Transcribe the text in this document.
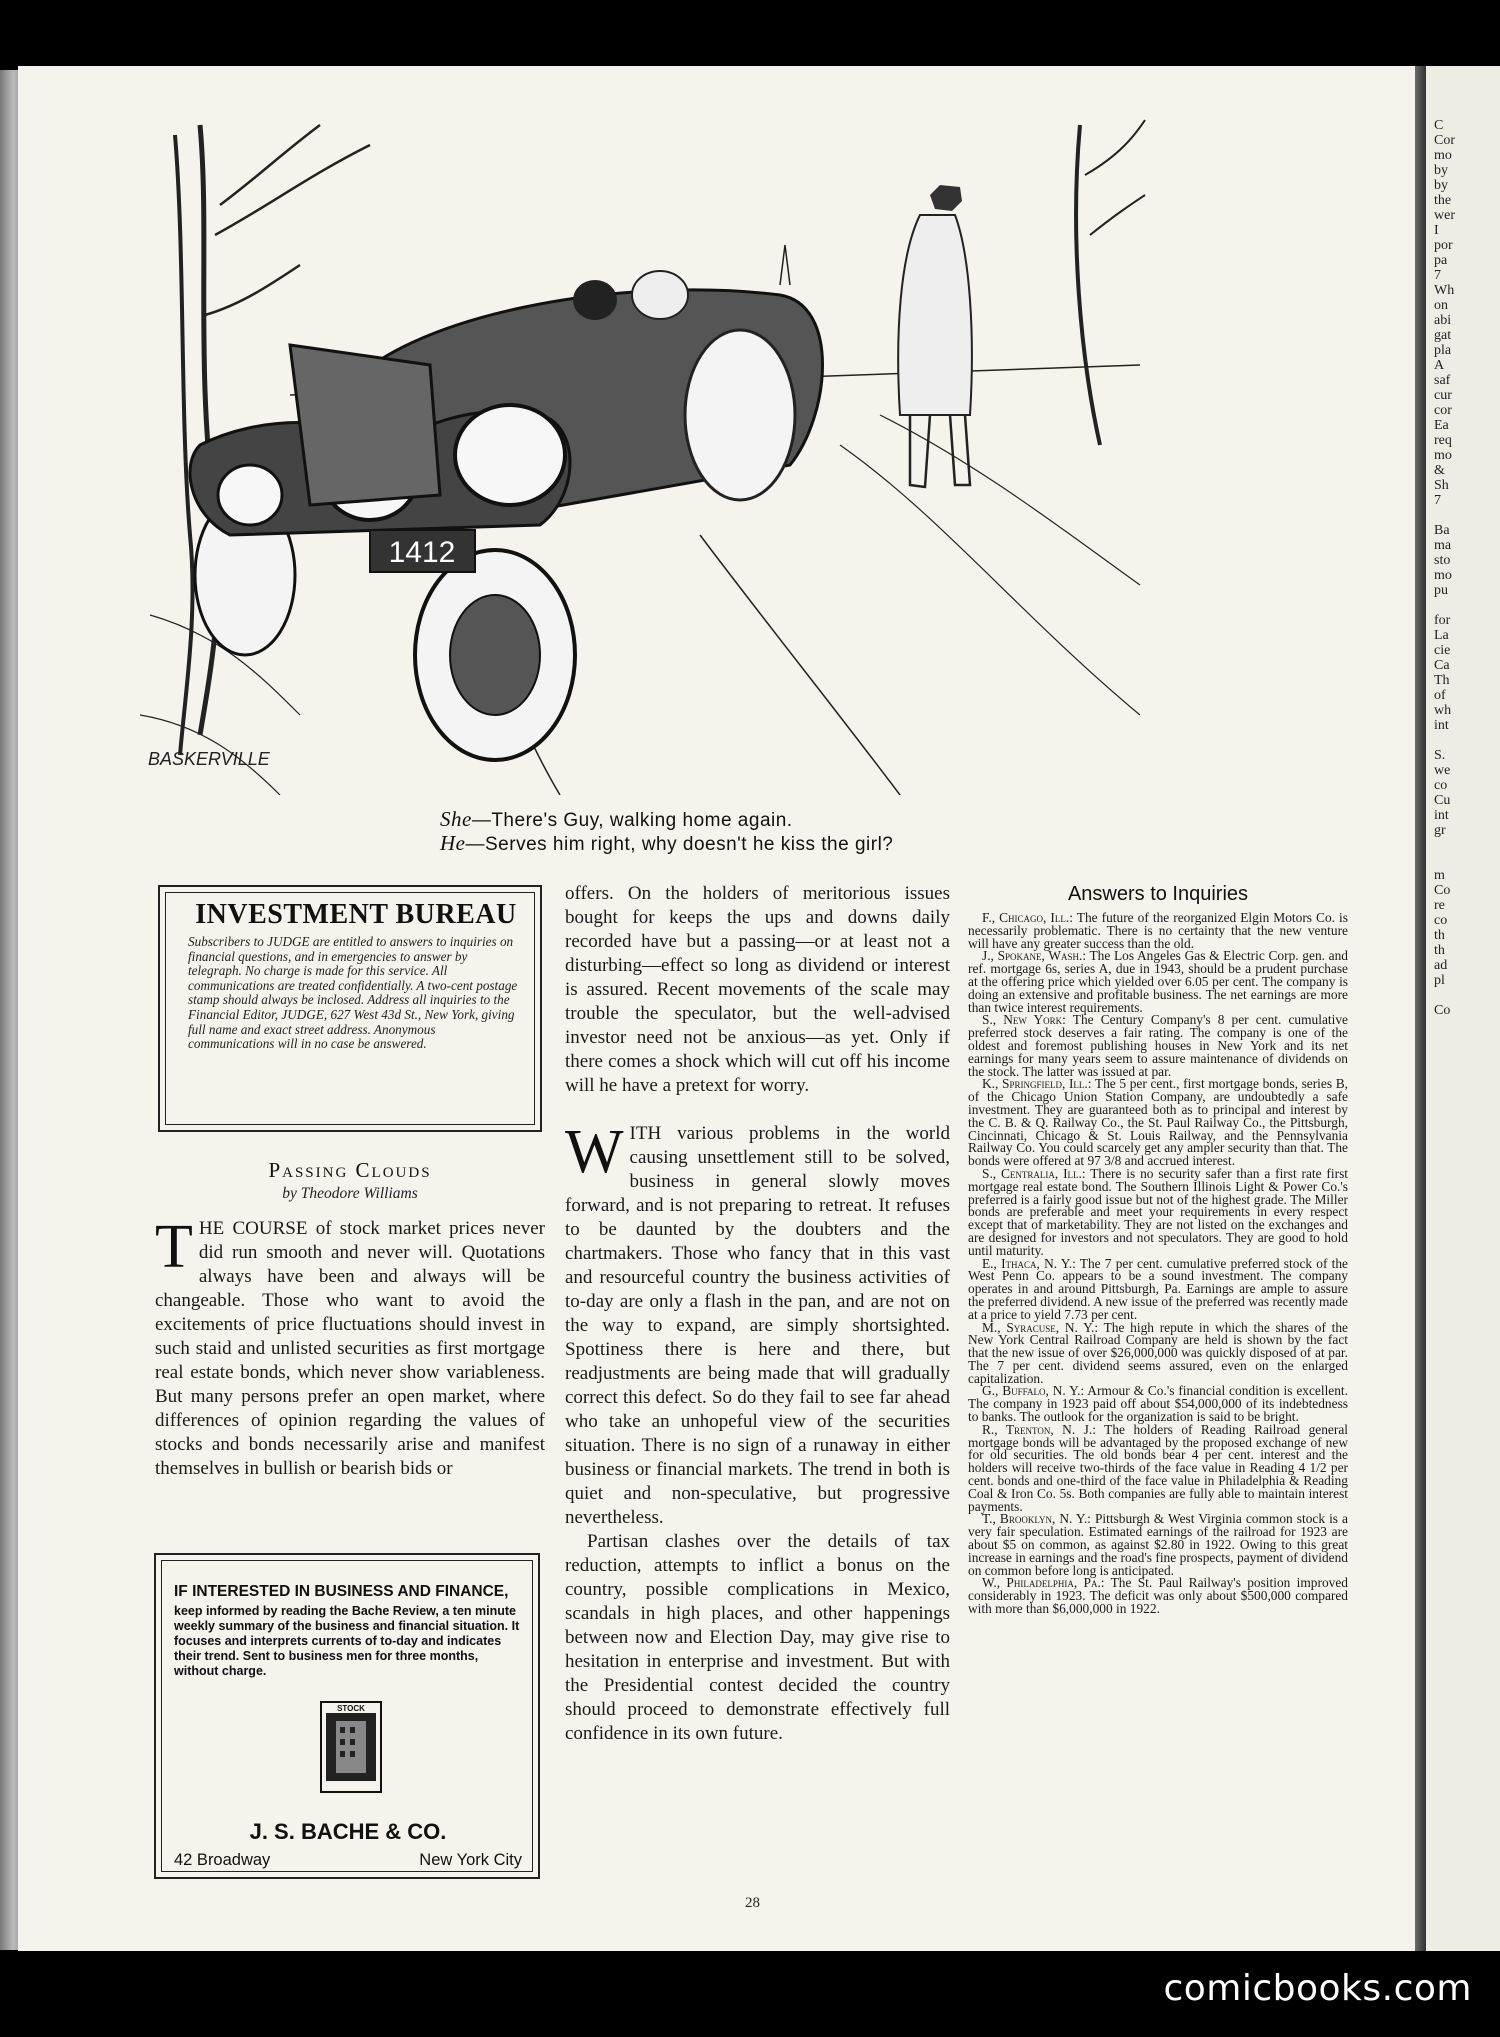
C
Cor
mo
by
by
the
wer
I
por
pa
7
Wh
on
abi
gat
pla
A
saf
cur
cor
Ea
req
mo
&
Sh
7

Ba
ma
sto
mo
pu

for
La
cie
Ca
Th
of
wh
int

S.
we
co
Cu
int
gr

m
Co
re
co
th
th
ad
pl

Co
1412
BASKERVILLE
She—There's Guy, walking home again.
He—Serves him right, why doesn't he kiss the girl?
INVESTMENT BUREAU

Subscribers to JUDGE are entitled to answers to inquiries on financial questions, and in emergencies to answer by telegraph. No charge is made for this service. All communications are treated confidentially. A two-cent postage stamp should always be inclosed. Address all inquiries to the Financial Editor, JUDGE, 627 West 43d St., New York, giving full name and exact street address. Anonymous communications will in no case be answered.

Passing Clouds
by Theodore Williams

THE COURSE of stock market prices never did run smooth and never will. Quotations always have been and always will be changeable. Those who want to avoid the excitements of price fluctuations should invest in such staid and unlisted securities as first mortgage real estate bonds, which never show variableness. But many persons prefer an open market, where differences of opinion regarding the values of stocks and bonds necessarily arise and manifest themselves in bullish or bearish bids or

offers. On the holders of meritorious issues bought for keeps the ups and downs daily recorded have but a passing—or at least not a disturbing—effect so long as dividend or interest is assured. Recent movements of the scale may trouble the speculator, but the well-advised investor need not be anxious—as yet. Only if there comes a shock which will cut off his income will he have a pretext for worry.

WITH various problems in the world causing unsettlement still to be solved, business in general slowly moves forward, and is not preparing to retreat. It refuses to be daunted by the doubters and the chartmakers. Those who fancy that in this vast and resourceful country the business activities of to-day are only a flash in the pan, and are not on the way to expand, are simply shortsighted. Spottiness there is here and there, but readjustments are being made that will gradually correct this defect. So do they fail to see far ahead who take an unhopeful view of the securities situation. There is no sign of a runaway in either business or financial markets. The trend in both is quiet and non-speculative, but progressive nevertheless.

Partisan clashes over the details of tax reduction, attempts to inflict a bonus on the country, possible complications in Mexico, scandals in high places, and other happenings between now and Election Day, may give rise to hesitation in enterprise and investment. But with the Presidential contest decided the country should proceed to demonstrate effectively full confidence in its own future.

IF INTERESTED IN BUSINESS AND FINANCE,
keep informed by reading the Bache Review, a ten minute weekly summary of the business and financial situation. It focuses and interprets currents of to-day and indicates their trend. Sent to business men for three months, without charge.
STOCK
MEMBERS
J. S. BACHE & CO.
New York City
42 Broadway
Answers to Inquiries

F., Chicago, Ill.: The future of the reorganized Elgin Motors Co. is necessarily problematic. There is no certainty that the new venture will have any greater success than the old.

J., Spokane, Wash.: The Los Angeles Gas & Electric Corp. gen. and ref. mortgage 6s, series A, due in 1943, should be a prudent purchase at the offering price which yielded over 6.05 per cent. The company is doing an extensive and profitable business. The net earnings are more than twice interest requirements.

S., New York: The Century Company's 8 per cent. cumulative preferred stock deserves a fair rating. The company is one of the oldest and foremost publishing houses in New York and its net earnings for many years seem to assure maintenance of dividends on the stock. The latter was issued at par.

K., Springfield, Ill.: The 5 per cent., first mortgage bonds, series B, of the Chicago Union Station Company, are undoubtedly a safe investment. They are guaranteed both as to principal and interest by the C. B. & Q. Railway Co., the St. Paul Railway Co., the Pittsburgh, Cincinnati, Chicago & St. Louis Railway, and the Pennsylvania Railway Co. You could scarcely get any ampler security than that. The bonds were offered at 97 3/8 and accrued interest.

S., Centralia, Ill.: There is no security safer than a first rate first mortgage real estate bond. The Southern Illinois Light & Power Co.'s preferred is a fairly good issue but not of the highest grade. The Miller bonds are preferable and meet your requirements in every respect except that of marketability. They are not listed on the exchanges and are designed for investors and not speculators. They are good to hold until maturity.

E., Ithaca, N. Y.: The 7 per cent. cumulative preferred stock of the West Penn Co. appears to be a sound investment. The company operates in and around Pittsburgh, Pa. Earnings are ample to assure the preferred dividend. A new issue of the preferred was recently made at a price to yield 7.73 per cent.

M., Syracuse, N. Y.: The high repute in which the shares of the New York Central Railroad Company are held is shown by the fact that the new issue of over $26,000,000 was quickly disposed of at par. The 7 per cent. dividend seems assured, even on the enlarged capitalization.

G., Buffalo, N. Y.: Armour & Co.'s financial condition is excellent. The company in 1923 paid off about $54,000,000 of its indebtedness to banks. The outlook for the organization is said to be bright.

R., Trenton, N. J.: The holders of Reading Railroad general mortgage bonds will be advantaged by the proposed exchange of new for old securities. The old bonds bear 4 per cent. interest and the holders will receive two-thirds of the face value in Reading 4 1/2 per cent. bonds and one-third of the face value in Philadelphia & Reading Coal & Iron Co. 5s. Both companies are fully able to maintain interest payments.

T., Brooklyn, N. Y.: Pittsburgh & West Virginia common stock is a very fair speculation. Estimated earnings of the railroad for 1923 are about $5 on common, as against $2.80 in 1922. Owing to this great increase in earnings and the road's fine prospects, payment of dividend on common before long is anticipated.

W., Philadelphia, Pa.: The St. Paul Railway's position improved considerably in 1923. The deficit was only about $500,000 compared with more than $6,000,000 in 1922.

28
comicbooks.com
